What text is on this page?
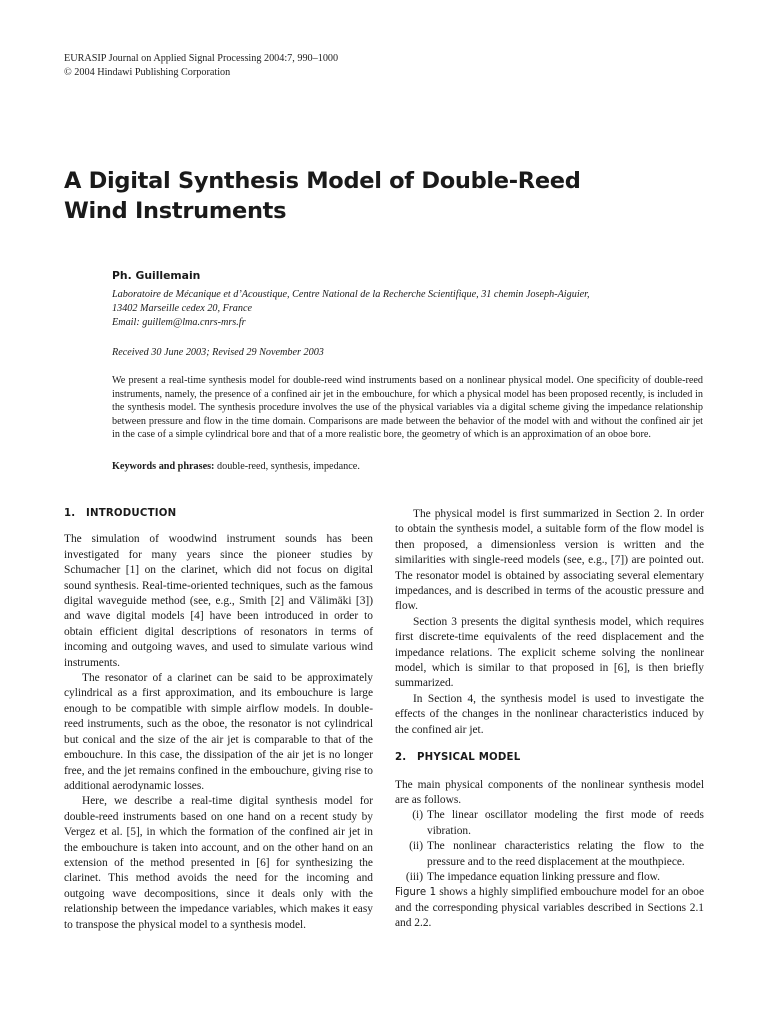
EURASIP Journal on Applied Signal Processing 2004:7, 990–1000
© 2004 Hindawi Publishing Corporation
A Digital Synthesis Model of Double-Reed
Wind Instruments
Ph. Guillemain
Laboratoire de Mécanique et d’Acoustique, Centre National de la Recherche Scientifique, 31 chemin Joseph-Aiguier,
13402 Marseille cedex 20, France
Email: guillem@lma.cnrs-mrs.fr
Received 30 June 2003; Revised 29 November 2003

We present a real-time synthesis model for double-reed wind instruments based on a nonlinear physical model. One specificity of double-reed instruments, namely, the presence of a confined air jet in the embouchure, for which a physical model has been proposed recently, is included in the synthesis model. The synthesis procedure involves the use of the physical variables via a digital scheme giving the impedance relationship between pressure and flow in the time domain. Comparisons are made between the behavior of the model with and without the confined air jet in the case of a simple cylindrical bore and that of a more realistic bore, the geometry of which is an approximation of an oboe bore.

Keywords and phrases: double-reed, synthesis, impedance.
1. INTRODUCTION

The simulation of woodwind instrument sounds has been investigated for many years since the pioneer studies by Schumacher [1] on the clarinet, which did not focus on digital sound synthesis. Real-time-oriented techniques, such as the famous digital waveguide method (see, e.g., Smith [2] and Välimäki [3]) and wave digital models [4] have been introduced in order to obtain efficient digital descriptions of resonators in terms of incoming and outgoing waves, and used to simulate various wind instruments.

The resonator of a clarinet can be said to be approximately cylindrical as a first approximation, and its embouchure is large enough to be compatible with simple airflow models. In double-reed instruments, such as the oboe, the resonator is not cylindrical but conical and the size of the air jet is comparable to that of the embouchure. In this case, the dissipation of the air jet is no longer free, and the jet remains confined in the embouchure, giving rise to additional aerodynamic losses.

Here, we describe a real-time digital synthesis model for double-reed instruments based on one hand on a recent study by Vergez et al. [5], in which the formation of the confined air jet in the embouchure is taken into account, and on the other hand on an extension of the method presented in [6] for synthesizing the clarinet. This method avoids the need for the incoming and outgoing wave decompositions, since it deals only with the relationship between the impedance variables, which makes it easy to transpose the physical model to a synthesis model.

The physical model is first summarized in Section 2. In order to obtain the synthesis model, a suitable form of the flow model is then proposed, a dimensionless version is written and the similarities with single-reed models (see, e.g., [7]) are pointed out. The resonator model is obtained by associating several elementary impedances, and is described in terms of the acoustic pressure and flow.

Section 3 presents the digital synthesis model, which requires first discrete-time equivalents of the reed displacement and the impedance relations. The explicit scheme solving the nonlinear model, which is similar to that proposed in [6], is then briefly summarized.

In Section 4, the synthesis model is used to investigate the effects of the changes in the nonlinear characteristics induced by the confined air jet.

2. PHYSICAL MODEL

The main physical components of the nonlinear synthesis model are as follows.

(i) The linear oscillator modeling the first mode of reeds vibration.
(ii) The nonlinear characteristics relating the flow to the pressure and to the reed displacement at the mouthpiece.
(iii) The impedance equation linking pressure and flow.

Figure 1 shows a highly simplified embouchure model for an oboe and the corresponding physical variables described in Sections 2.1 and 2.2.
